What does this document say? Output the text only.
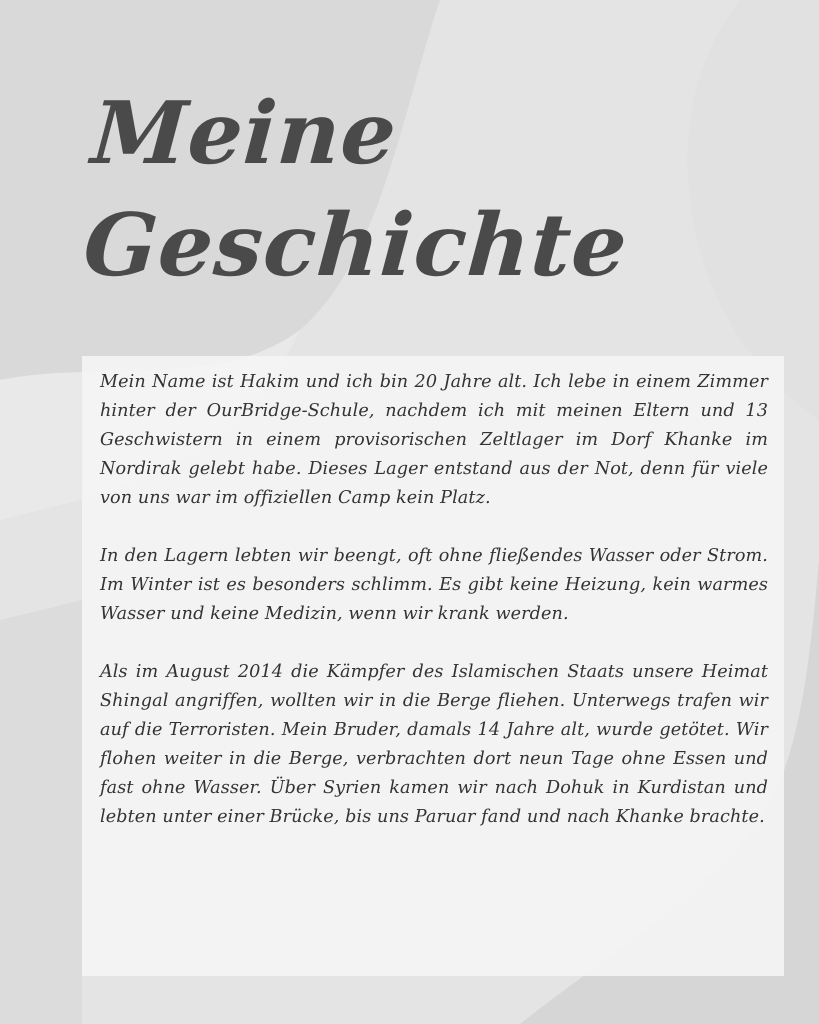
Meine
Geschichte

Mein Name ist Hakim und ich bin 20 Jahre alt. Ich lebe in einem Zimmer hinter der OurBridge-Schule, nachdem ich mit meinen Eltern und 13 Geschwistern in einem provisorischen Zeltlager im Dorf Khanke im Nordirak gelebt habe. Dieses Lager entstand aus der Not, denn für viele von uns war im offiziellen Camp kein Platz.

In den Lagern lebten wir beengt, oft ohne fließendes Wasser oder Strom. Im Winter ist es besonders schlimm. Es gibt keine Heizung, kein warmes Wasser und keine Medizin, wenn wir krank werden.

Als im August 2014 die Kämpfer des Islamischen Staats unsere Heimat Shingal angriffen, wollten wir in die Berge fliehen. Unterwegs trafen wir auf die Terroristen. Mein Bruder, damals 14 Jahre alt, wurde getötet. Wir flohen weiter in die Berge, verbrachten dort neun Tage ohne Essen und fast ohne Wasser. Über Syrien kamen wir nach Dohuk in Kurdistan und lebten unter einer Brücke, bis uns Paruar fand und nach Khanke brachte.
